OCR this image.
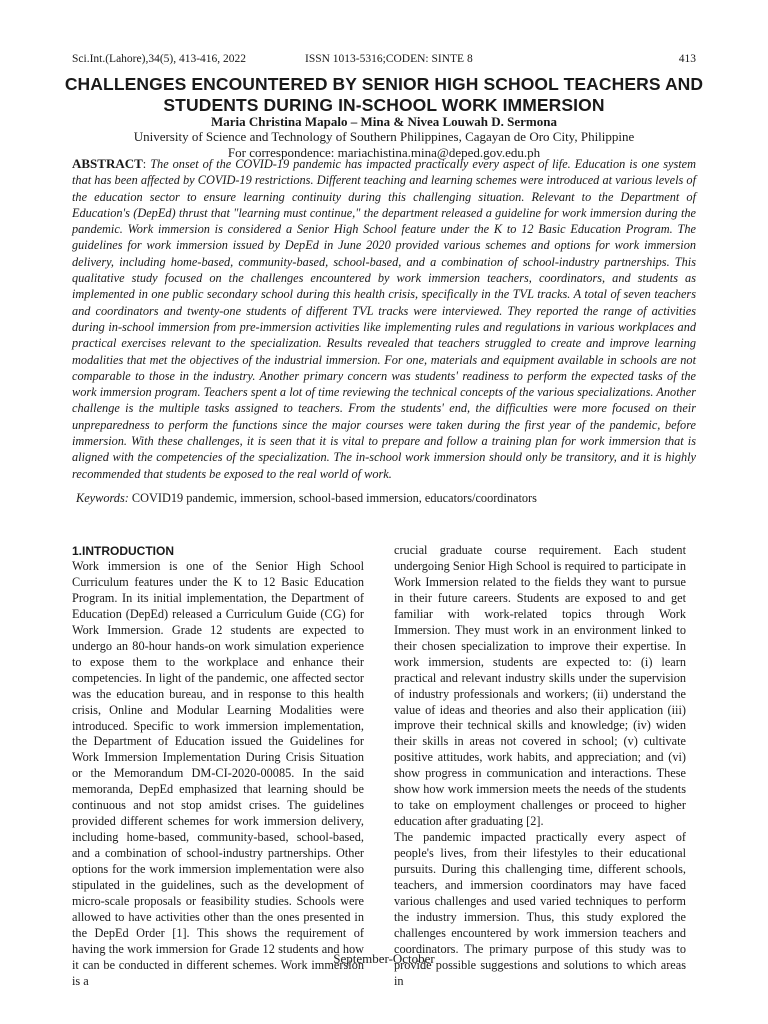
Sci.Int.(Lahore),34(5), 413-416, 2022	ISSN 1013-5316;CODEN: SINTE 8	413
CHALLENGES ENCOUNTERED BY SENIOR HIGH SCHOOL TEACHERS AND STUDENTS DURING IN-SCHOOL WORK IMMERSION
Maria Christina Mapalo – Mina & Nivea Louwah D. Sermona
University of Science and Technology of Southern Philippines, Cagayan de Oro City, Philippine
For correspondence: mariachistina.mina@deped.gov.edu.ph
ABSTRACT: The onset of the COVID-19 pandemic has impacted practically every aspect of life. Education is one system that has been affected by COVID-19 restrictions. Different teaching and learning schemes were introduced at various levels of the education sector to ensure learning continuity during this challenging situation. Relevant to the Department of Education's (DepEd) thrust that "learning must continue," the department released a guideline for work immersion during the pandemic. Work immersion is considered a Senior High School feature under the K to 12 Basic Education Program. The guidelines for work immersion issued by DepEd in June 2020 provided various schemes and options for work immersion delivery, including home-based, community-based, school-based, and a combination of school-industry partnerships. This qualitative study focused on the challenges encountered by work immersion teachers, coordinators, and students as implemented in one public secondary school during this health crisis, specifically in the TVL tracks. A total of seven teachers and coordinators and twenty-one students of different TVL tracks were interviewed. They reported the range of activities during in-school immersion from pre-immersion activities like implementing rules and regulations in various workplaces and practical exercises relevant to the specialization. Results revealed that teachers struggled to create and improve learning modalities that met the objectives of the industrial immersion. For one, materials and equipment available in schools are not comparable to those in the industry. Another primary concern was students' readiness to perform the expected tasks of the work immersion program. Teachers spent a lot of time reviewing the technical concepts of the various specializations. Another challenge is the multiple tasks assigned to teachers. From the students' end, the difficulties were more focused on their unpreparedness to perform the functions since the major courses were taken during the first year of the pandemic, before immersion. With these challenges, it is seen that it is vital to prepare and follow a training plan for work immersion that is aligned with the competencies of the specialization. The in-school work immersion should only be transitory, and it is highly recommended that students be exposed to the real world of work.
Keywords: COVID19 pandemic, immersion, school-based immersion, educators/coordinators
1.INTRODUCTION

Work immersion is one of the Senior High School Curriculum features under the K to 12 Basic Education Program. In its initial implementation, the Department of Education (DepEd) released a Curriculum Guide (CG) for Work Immersion. Grade 12 students are expected to undergo an 80-hour hands-on work simulation experience to expose them to the workplace and enhance their competencies. In light of the pandemic, one affected sector was the education bureau, and in response to this health crisis, Online and Modular Learning Modalities were introduced. Specific to work immersion implementation, the Department of Education issued the Guidelines for Work Immersion Implementation During Crisis Situation or the Memorandum DM-CI-2020-00085. In the said memoranda, DepEd emphasized that learning should be continuous and not stop amidst crises. The guidelines provided different schemes for work immersion delivery, including home-based, community-based, school-based, and a combination of school-industry partnerships. Other options for the work immersion implementation were also stipulated in the guidelines, such as the development of micro-scale proposals or feasibility studies. Schools were allowed to have activities other than the ones presented in the DepEd Order [1]. This shows the requirement of having the work immersion for Grade 12 students and how it can be conducted in different schemes. Work immersion is a

crucial graduate course requirement. Each student undergoing Senior High School is required to participate in Work Immersion related to the fields they want to pursue in their future careers. Students are exposed to and get familiar with work-related topics through Work Immersion. They must work in an environment linked to their chosen specialization to improve their expertise. In work immersion, students are expected to: (i) learn practical and relevant industry skills under the supervision of industry professionals and workers; (ii) understand the value of ideas and theories and also their application (iii) improve their technical skills and knowledge; (iv) widen their skills in areas not covered in school; (v) cultivate positive attitudes, work habits, and appreciation; and (vi) show progress in communication and interactions. These show how work immersion meets the needs of the students to take on employment challenges or proceed to higher education after graduating [2].

The pandemic impacted practically every aspect of people's lives, from their lifestyles to their educational pursuits. During this challenging time, different schools, teachers, and immersion coordinators may have faced various challenges and used varied techniques to perform the industry immersion. Thus, this study explored the challenges encountered by work immersion teachers and coordinators. The primary purpose of this study was to provide possible suggestions and solutions to which areas in

September-October
